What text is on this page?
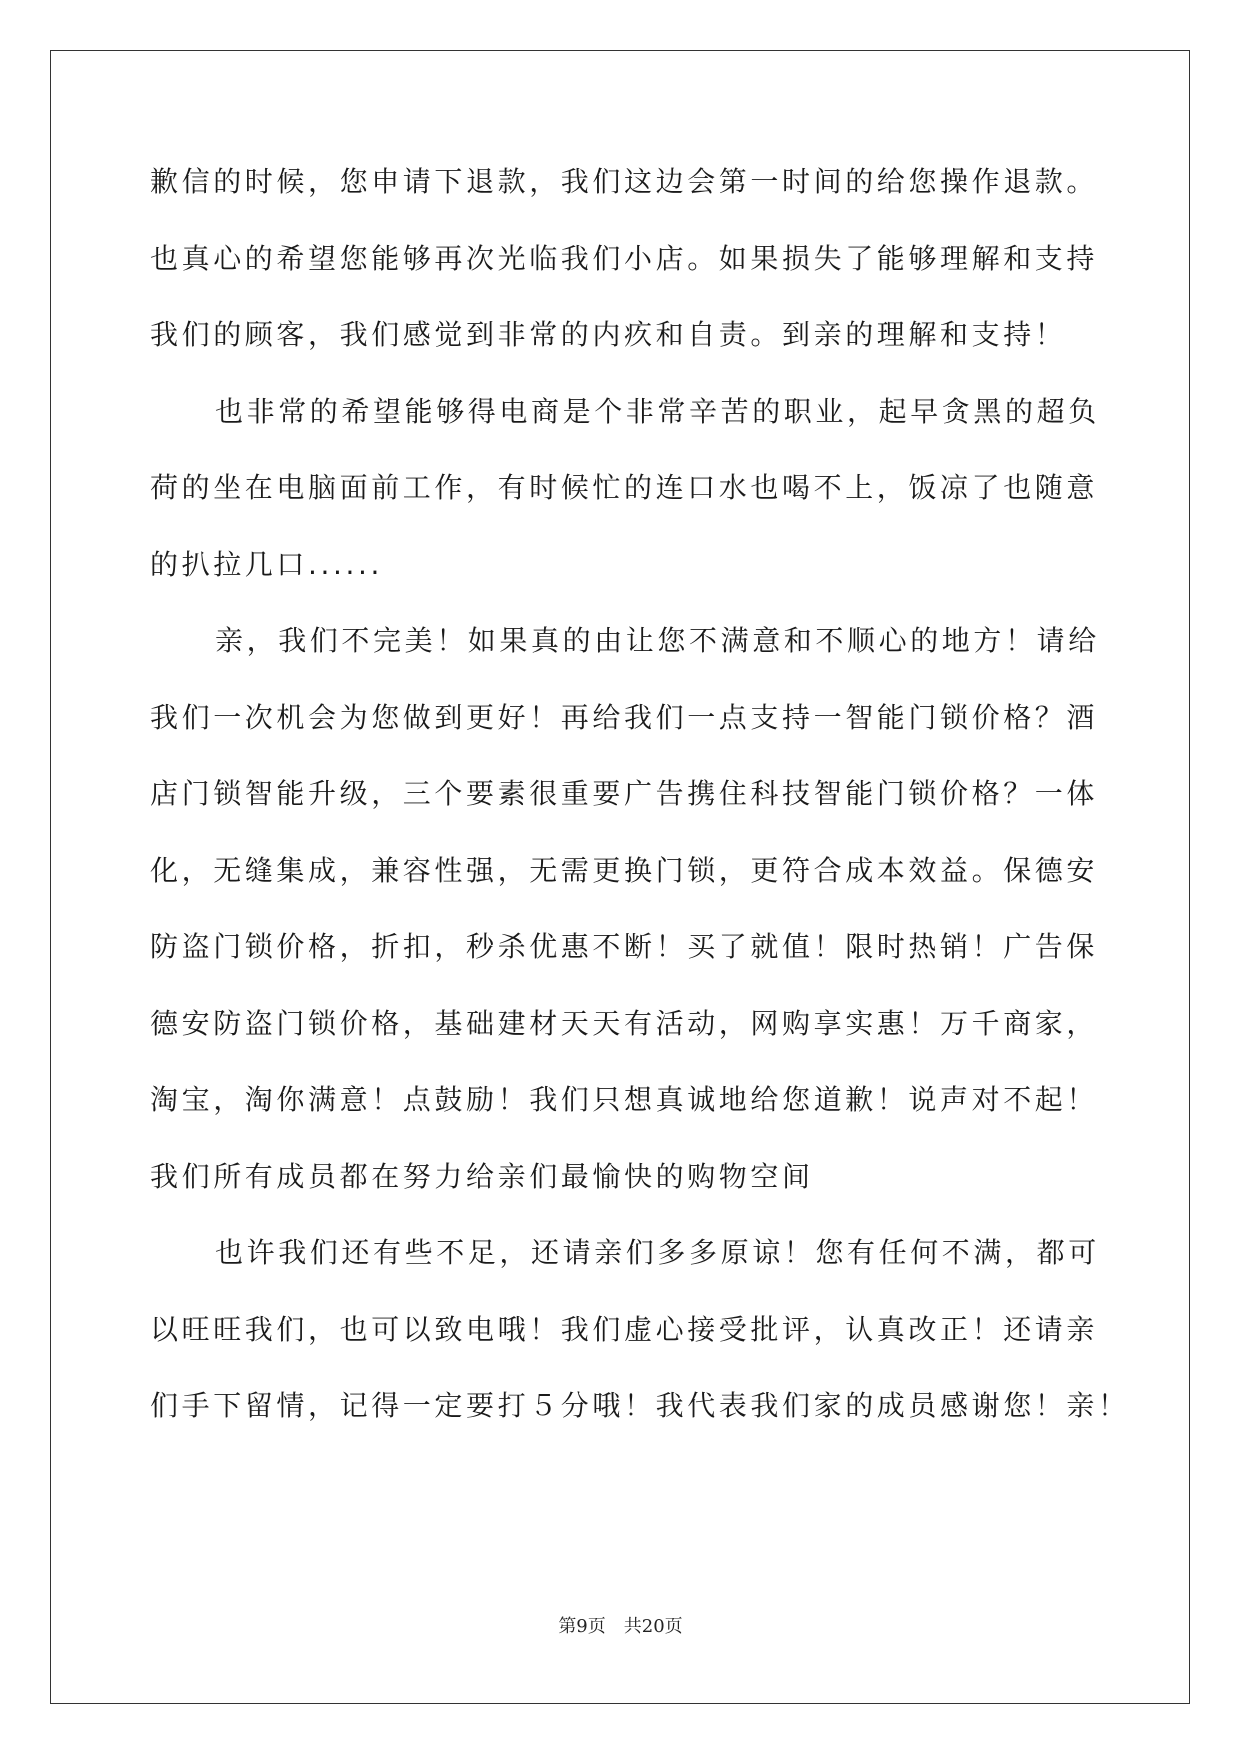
歉信的时候，您申请下退款，我们这边会第一时间的给您操作退款。
也真心的希望您能够再次光临我们小店。如果损失了能够理解和支持
我们的顾客，我们感觉到非常的内疚和自责。到亲的理解和支持！
也非常的希望能够得电商是个非常辛苦的职业，起早贪黑的超负
荷的坐在电脑面前工作，有时候忙的连口水也喝不上，饭凉了也随意
的扒拉几口......
亲，我们不完美！如果真的由让您不满意和不顺心的地方！请给
我们一次机会为您做到更好！再给我们一点支持一智能门锁价格？酒
店门锁智能升级，三个要素很重要广告携住科技智能门锁价格？一体
化，无缝集成，兼容性强，无需更换门锁，更符合成本效益。保德安
防盗门锁价格，折扣，秒杀优惠不断！买了就值！限时热销！广告保
德安防盗门锁价格，基础建材天天有活动，网购享实惠！万千商家，
淘宝，淘你满意！点鼓励！我们只想真诚地给您道歉！说声对不起！
我们所有成员都在努力给亲们最愉快的购物空间
也许我们还有些不足，还请亲们多多原谅！您有任何不满，都可
以旺旺我们，也可以致电哦！我们虚心接受批评，认真改正！还请亲
们手下留情，记得一定要打５分哦！我代表我们家的成员感谢您！亲！
第9页 共20页
